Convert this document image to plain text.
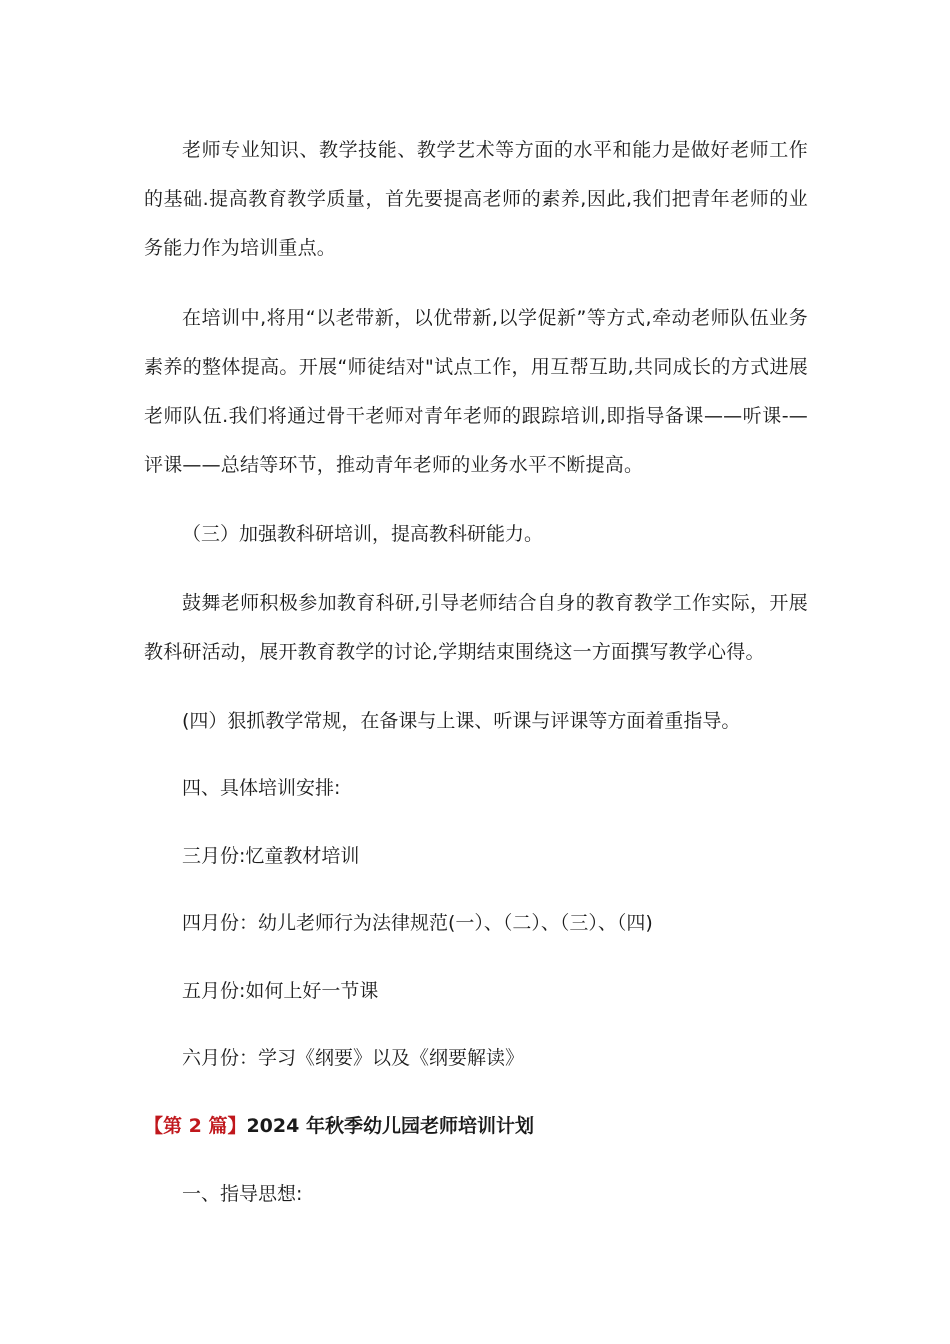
老师专业知识、教学技能、教学艺术等方面的水平和能力是做好老师工作的基础.提高教育教学质量，首先要提高老师的素养,因此,我们把青年老师的业务能力作为培训重点。

在培训中,将用“以老带新，以优带新,以学促新”等方式,牵动老师队伍业务素养的整体提高。开展“师徒结对"试点工作，用互帮互助,共同成长的方式进展老师队伍.我们将通过骨干老师对青年老师的跟踪培训,即指导备课——听课-—评课——总结等环节，推动青年老师的业务水平不断提高。

（三）加强教科研培训，提高教科研能力。

鼓舞老师积极参加教育科研,引导老师结合自身的教育教学工作实际，开展教科研活动，展开教育教学的讨论,学期结束围绕这一方面撰写教学心得。

(四）狠抓教学常规，在备课与上课、听课与评课等方面着重指导。

四、具体培训安排:

三月份:忆童教材培训

四月份：幼儿老师行为法律规范(一）、（二）、（三）、（四)

五月份:如何上好一节课

六月份：学习《纲要》以及《纲要解读》

【第 2 篇】2024 年秋季幼儿园老师培训计划

一、指导思想:
